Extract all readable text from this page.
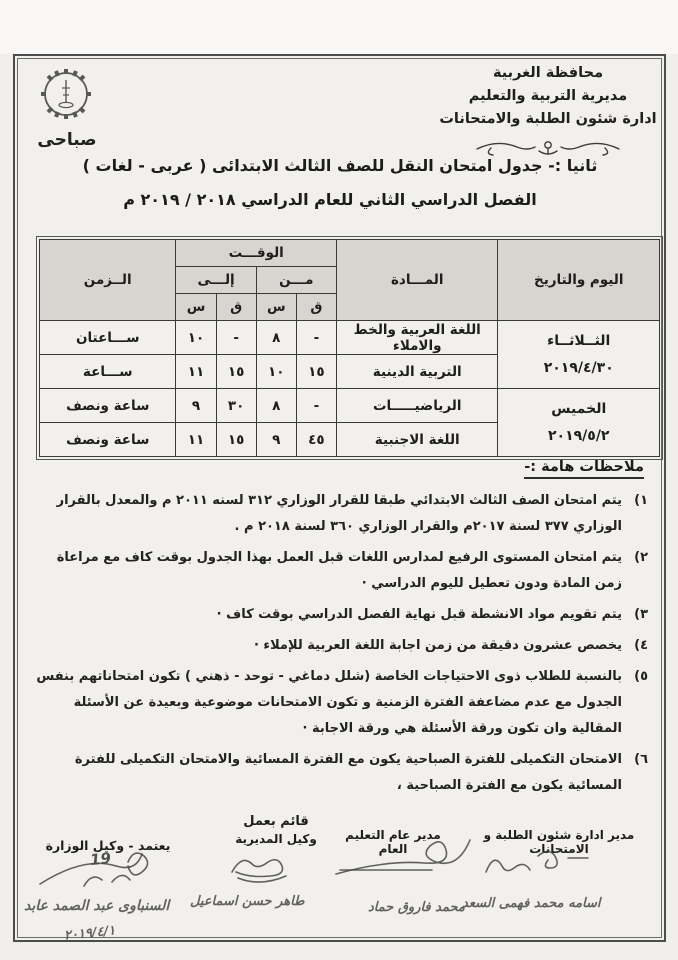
صباحى
محافظة الغربية
مديرية التربية والتعليم
ادارة شئون الطلبة والامتحانات
ثانيا :- جدول امتحان النقل للصف الثالث الابتدائى ( عربى - لغات )
الفصل الدراسي الثاني للعام الدراسي ⁦٢٠١٨ / ٢٠١٩⁩ م
اليوم والتاريخ	المـــادة	الوقـــت				الــزمن
		مـــن		إلـــى		
		ق	س	ق	س	

الثــلاثــاء
٢٠١٩/٤/٣٠	اللغة العربية والخط والاملاء	-	٨	-	١٠	ســـاعتان
	التربية الدينية	١٥	١٠	١٥	١١	ســـاعة

الخميس
٢٠١٩/٥/٢	الرياضيـــــات	-	٨	٣٠	٩	ساعة ونصف
	اللغة الاجنبية	٤٥	٩	١٥	١١	ساعة ونصف
ملاحظات هامة :-
١)
يتم امتحان الصف الثالث الابتدائي طبقا للقرار الوزاري ٣١٢ لسنه ٢٠١١ م والمعدل بالقرار الوزاري ٣٧٧ لسنة ٢٠١٧م والقرار الوزاري ٣٦٠ لسنة ٢٠١٨ م .
٢)
يتم امتحان المستوى الرفيع لمدارس اللغات قبل العمل بهذا الجدول بوقت كاف مع مراعاة زمن المادة ودون تعطيل لليوم الدراسي ·
٣)
يتم تقويم مواد الانشطة قبل نهاية الفصل الدراسي بوقت كاف ·
٤)
يخصص عشرون دقيقة من زمن اجابة اللغة العربية للإملاء ·
٥)
بالنسبة للطلاب ذوى الاحتياجات الخاصة (شلل دماغي - توحد - ذهني ) تكون امتحاناتهم بنفس الجدول مع عدم مضاعفة الفترة الزمنية و تكون الامتحانات موضوعية وبعيدة عن الأسئلة المقالية وان تكون ورقة الأسئلة هي ورقة الاجابة ·
٦)
الامتحان التكميلى للفترة الصباحية يكون مع الفترة المسائية والامتحان التكميلى للفترة المسائية يكون مع الفترة الصباحية ،
مدير ادارة شئون الطلبة و الامتحانات
مدير عام التعليم العام
قائم بعمل
وكيل المديرية
يعتمد - وكيل الوزارة
19
اسامه محمد فهمى السعد
محمد فاروق حماد
طاهر حسن اسماعيل
السنباوى عبد الصمد عابد
٢٠١٩/٤/١
